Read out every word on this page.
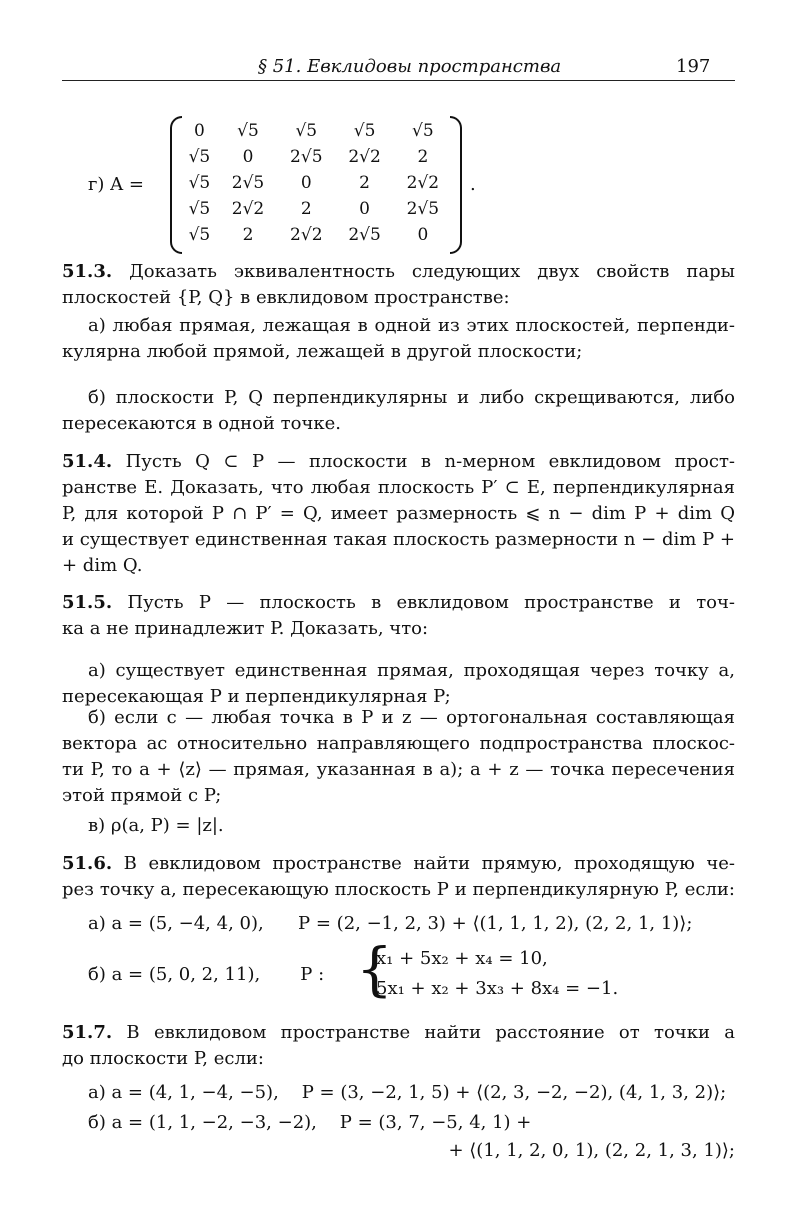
§ 51. Евклидовы пространства	197
г) A =
0	√5	√5	√5	√5
√5	0	2√5	2√2	2
√5	2√5	0	2	2√2
√5	2√2	2	0	2√5
√5	2	2√2	2√5	0
.
51.3. Доказать эквивалентность следующих двух свойств пары
плоскостей {P, Q} в евклидовом пространстве:
а) любая прямая, лежащая в одной из этих плоскостей, перпенди-
кулярна любой прямой, лежащей в другой плоскости;
б) плоскости P, Q перпендикулярны и либо скрещиваются, либо
пересекаются в одной точке.
51.4. Пусть Q ⊂ P — плоскости в n-мерном евклидовом прост-
ранстве E. Доказать, что любая плоскость P′ ⊂ E, перпендикулярная
P, для которой P ∩ P′ = Q, имеет размерность ⩽ n − dim P + dim Q
и существует единственная такая плоскость размерности n − dim P +
+ dim Q.
51.5. Пусть P — плоскость в евклидовом пространстве и точ-
ка a не принадлежит P. Доказать, что:
а) существует единственная прямая, проходящая через точку a,
пересекающая P и перпендикулярная P;
б) если c — любая точка в P и z — ортогональная составляющая
вектора ac относительно направляющего подпространства плоскос-
ти P, то a + ⟨z⟩ — прямая, указанная в а); a + z — точка пересечения
этой прямой с P;
в) ρ(a, P) = |z|.
51.6. В евклидовом пространстве найти прямую, проходящую че-
рез точку a, пересекающую плоскость P и перпендикулярную P, если:
а) a = (5, −4, 4, 0),      P = (2, −1, 2, 3) + ⟨(1, 1, 1, 2), (2, 2, 1, 1)⟩;
б) a = (5, 0, 2, 11),       P : {
x₁ + 5x₂ + x₄ = 10,
5x₁ + x₂ + 3x₃ + 8x₄ = −1.
51.7. В евклидовом пространстве найти расстояние от точки a
до плоскости P, если:
а) a = (4, 1, −4, −5),    P = (3, −2, 1, 5) + ⟨(2, 3, −2, −2), (4, 1, 3, 2)⟩;
б) a = (1, 1, −2, −3, −2),    P = (3, 7, −5, 4, 1) +
+ ⟨(1, 1, 2, 0, 1), (2, 2, 1, 3, 1)⟩;
